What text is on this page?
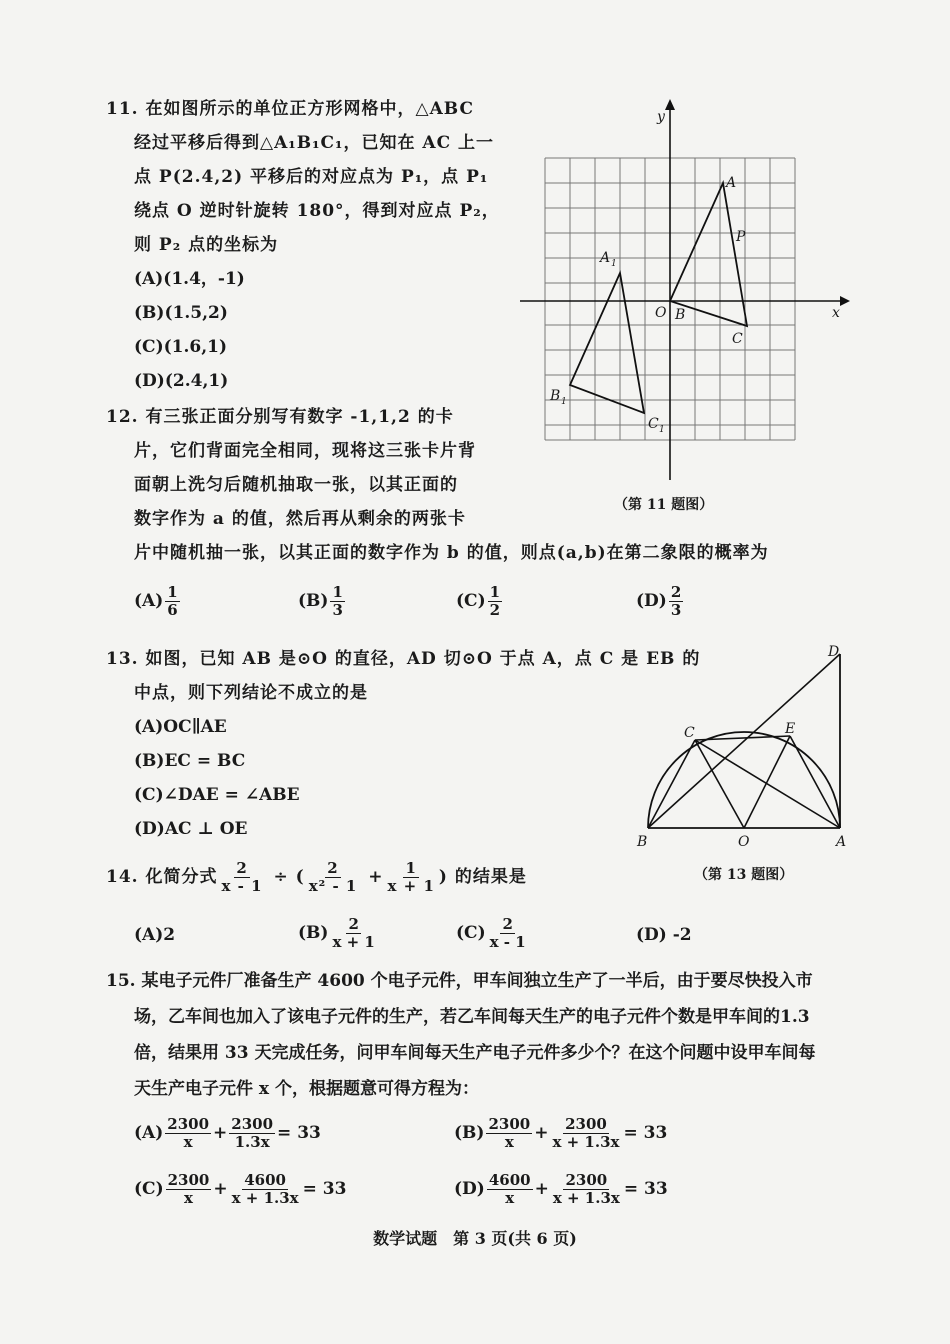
11. 在如图所示的单位正方形网格中，△ABC
经过平移后得到△A₁B₁C₁，已知在 AC 上一
点 P(2.4,2) 平移后的对应点为 P₁，点 P₁
绕点 O 逆时针旋转 180°，得到对应点 P₂，
则 P₂ 点的坐标为
(A)(1.4，-1)
(B)(1.5,2)
(C)(1.6,1)
(D)(2.4,1)
y
x
O B
A
P
C
A 1
B 1
C 1
（第 11 题图）
12. 有三张正面分别写有数字 -1,1,2 的卡
片，它们背面完全相同，现将这三张卡片背
面朝上洗匀后随机抽取一张，以其正面的
数字作为 a 的值，然后再从剩余的两张卡
片中随机抽一张，以其正面的数字作为 b 的值，则点(a,b)在第二象限的概率为
$(A) \frac{1}{6}$	$(B) \frac{1}{3}$	$(C) \frac{1}{2}$	$(D) \frac{2}{3}$
13. 如图，已知 AB 是⊙O 的直径，AD 切⊙O 于点 A，点 C 是 EB 的
中点，则下列结论不成立的是
(A)OC∥AE
(B)EC = BC
(C)∠DAE = ∠ABE
(D)AC ⊥ OE
D
C	E
B	O	A
（第 13 题图）
14. 化简分式 $\frac{2}{x - 1}$ ÷ ( $\frac{2}{\text{x² - 1}} + \frac{1}{x + 1}$ ) 的结果是
(A)2	$(B) \frac{2}{x + 1}$	$(C) \frac{2}{x - 1}$	(D) -2
15. 某电子元件厂准备生产 4600 个电子元件，甲车间独立生产了一半后，由于要尽快投入市
场，乙车间也加入了该电子元件的生产，若乙车间每天生产的电子元件个数是甲车间的1.3
倍，结果用 33 天完成任务，问甲车间每天生产电子元件多少个？在这个问题中设甲车间每
天生产电子元件 x 个，根据题意可得方程为：
$(A) \frac{2300}{x} + \frac{2300}{1.3x} = 33$	$(B) \frac{2300}{x} + \frac{2300}{x + 1.3x} = 33$
$(C) \frac{2300}{x} + \frac{4600}{x + 1.3x} = 33$	$(D) \frac{4600}{x} + \frac{2300}{x + 1.3x} = 33$
数学试题　第 3 页(共 6 页)
